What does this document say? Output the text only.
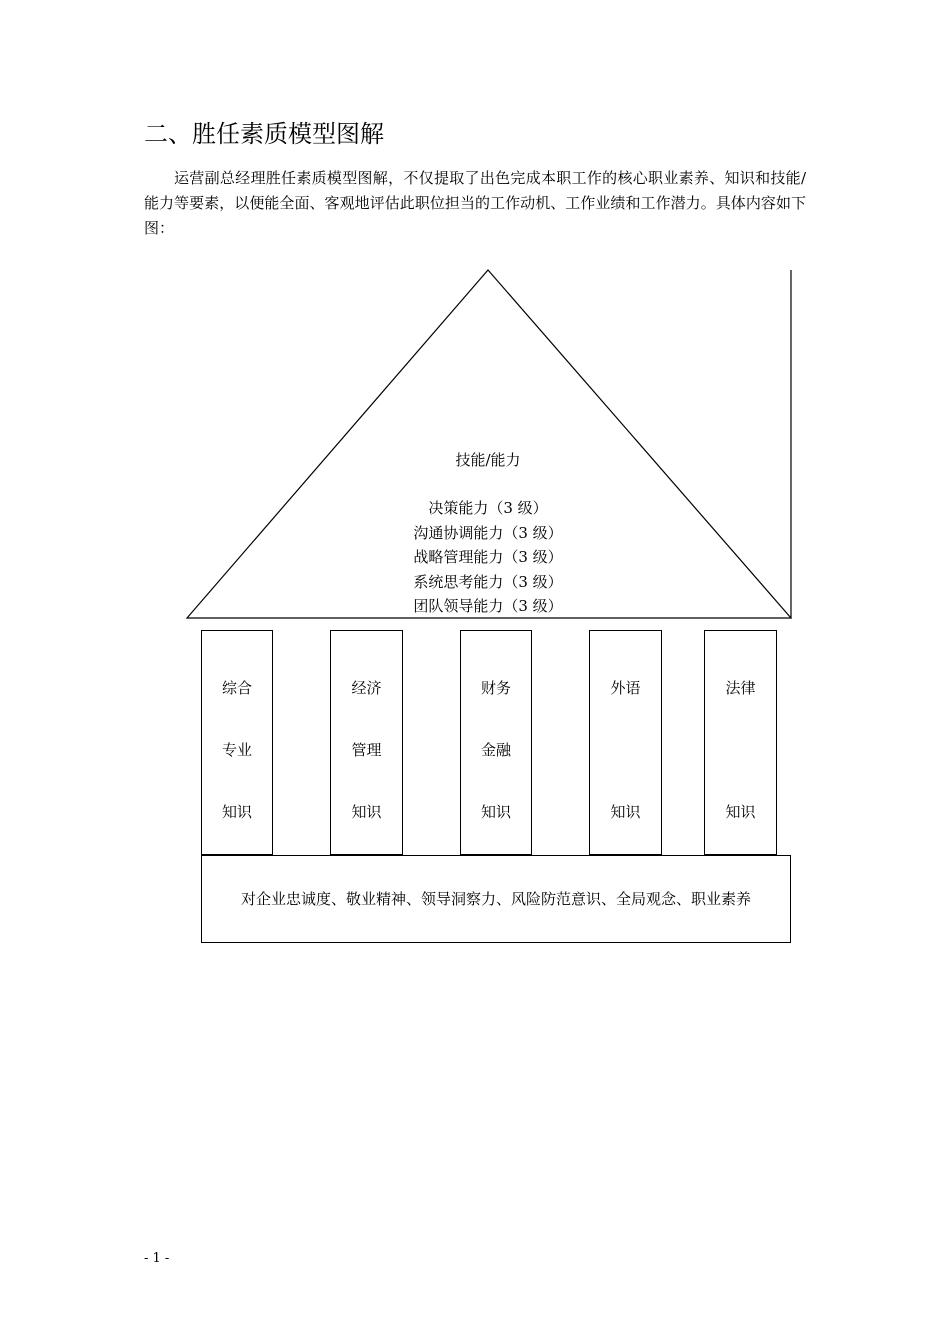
二、胜任素质模型图解

运营副总经理胜任素质模型图解，不仅提取了出色完成本职工作的核心职业素养、知识和技能/能力等要素，以便能全面、客观地评估此职位担当的工作动机、工作业绩和工作潜力。具体内容如下图：

技能/能力
决策能力（3 级）
沟通协调能力（3 级）
战略管理能力（3 级）
系统思考能力（3 级）
团队领导能力（3 级）
综合
专业
知识
经济
管理
知识
财务
金融
知识
外语
知识
法律
知识
对企业忠诚度、敬业精神、领导洞察力、风险防范意识、全局观念、职业素养
- 1 -
